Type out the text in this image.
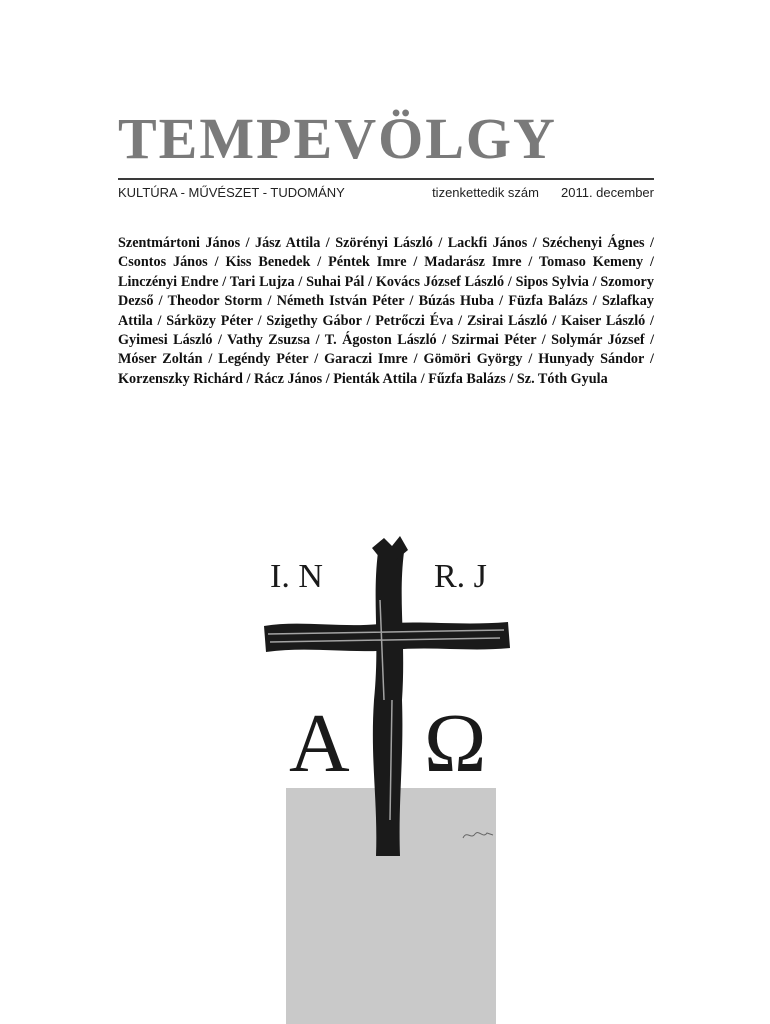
TEMPEVÖLGY
KULTÚRA - MŰVÉSZET - TUDOMÁNY	tizenkettedik szám 2011. december
Szentmártoni János / Jász Attila / Szörényi László / Lackfi János / Széchenyi Ágnes / Csontos János / Kiss Benedek / Péntek Imre / Madarász Imre / Tomaso Kemeny / Linczényi Endre / Tari Lujza / Suhai Pál / Kovács József László / Sipos Sylvia / Szomory Dezső / Theodor Storm / Németh István Péter / Búzás Huba / Füzfa Balázs / Szlafkay Attila / Sárközy Péter / Szigethy Gábor / Petrőczi Éva / Zsirai László / Kaiser László / Gyimesi László / Vathy Zsuzsa / T. Ágoston László / Szirmai Péter / Solymár József / Móser Zoltán / Legéndy Péter / Garaczi Imre / Gömöri György / Hunyady Sándor / Korzenszky Richárd / Rácz János / Pienták Attila / Fűzfa Balázs / Sz. Tóth Gyula
I. N	R. J
A Ω
